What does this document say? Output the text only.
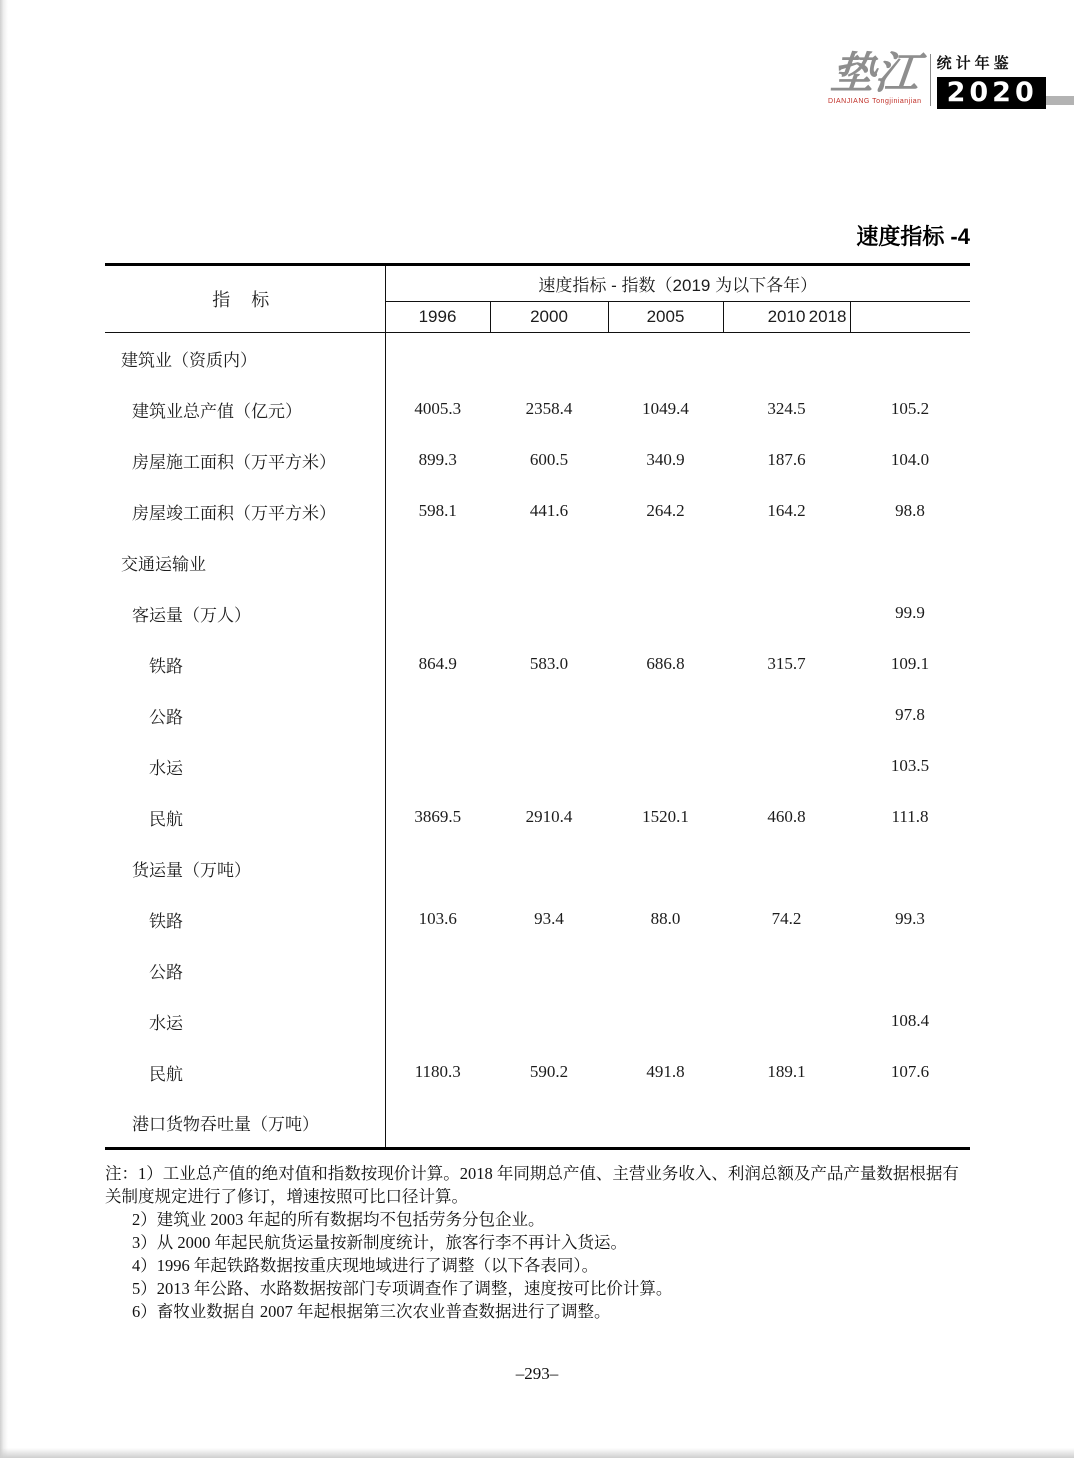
垫江
DIANJIANG Tongjinianjian
统计年鉴
2020
速度指标 -4
指 标	速度指标 - 指数（2019 为以下各年）				
	1996	2000	2005	2010 2018	

建筑业（资质内）					
建筑业总产值（亿元）	4005.3	2358.4	1049.4	324.5	105.2
房屋施工面积（万平方米）	899.3	600.5	340.9	187.6	104.0
房屋竣工面积（万平方米）	598.1	441.6	264.2	164.2	98.8
交通运输业					
客运量（万人）					99.9
铁路	864.9	583.0	686.8	315.7	109.1
公路					97.8
水运					103.5
民航	3869.5	2910.4	1520.1	460.8	111.8
货运量（万吨）					
铁路	103.6	93.4	88.0	74.2	99.3
公路					
水运					108.4
民航	1180.3	590.2	491.8	189.1	107.6
港口货物吞吐量（万吨）					

注：1）工业总产值的绝对值和指数按现价计算。2018 年同期总产值、主营业务收入、利润总额及产品产量数据根据有关制度规定进行了修订，增速按照可比口径计算。

2）建筑业 2003 年起的所有数据均不包括劳务分包企业。

3）从 2000 年起民航货运量按新制度统计，旅客行李不再计入货运。

4）1996 年起铁路数据按重庆现地域进行了调整（以下各表同）。

5）2013 年公路、水路数据按部门专项调查作了调整，速度按可比价计算。

6）畜牧业数据自 2007 年起根据第三次农业普查数据进行了调整。

–293–
